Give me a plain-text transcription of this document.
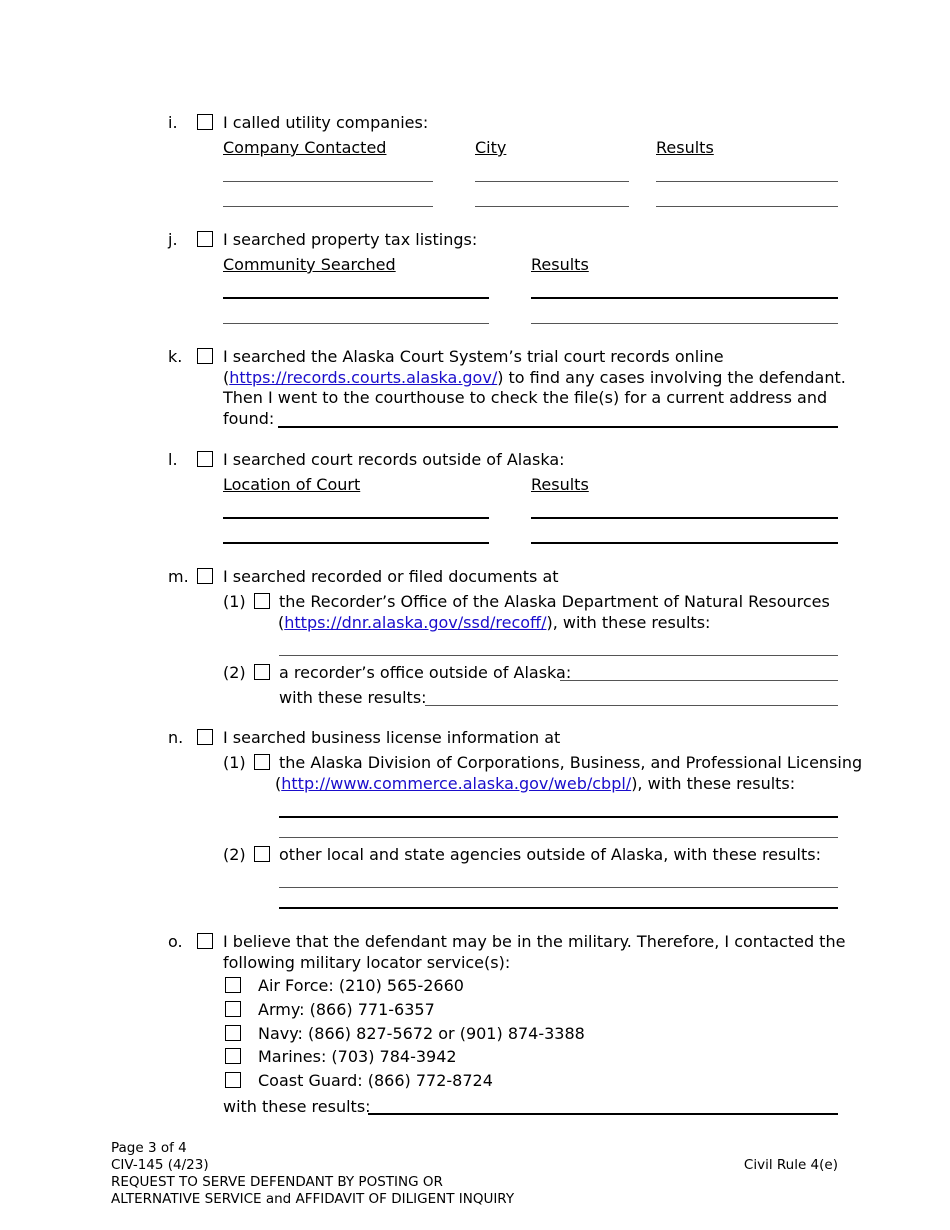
i.	I called utility companies:
Company Contacted	City	Results
j.	I searched property tax listings:
Community Searched	Results
k.	I searched the Alaska Court System’s trial court records online
(https://records.courts.alaska.gov/) to find any cases involving the defendant.
Then I went to the courthouse to check the file(s) for a current address and
found:
l.	I searched court records outside of Alaska:
Location of Court	Results
m. I searched recorded or filed documents at
(1) the Recorder’s Office of the Alaska Department of Natural Resources
(https://dnr.alaska.gov/ssd/recoff/), with these results:
(2) a recorder’s office outside of Alaska:
with these results:
n. I searched business license information at
(1) the Alaska Division of Corporations, Business, and Professional Licensing
(http://www.commerce.alaska.gov/web/cbpl/), with these results:
(2) other local and state agencies outside of Alaska, with these results:
o.	I believe that the defendant may be in the military. Therefore, I contacted the
following military locator service(s):
Air Force: (210) 565-2660
Army: (866) 771-6357
Navy: (866) 827-5672 or (901) 874-3388
Marines: (703) 784-3942
Coast Guard: (866) 772-8724
with these results:
Page 3 of 4
CIV-145 (4/23)
REQUEST TO SERVE DEFENDANT BY POSTING OR
ALTERNATIVE SERVICE and AFFIDAVIT OF DILIGENT INQUIRY
Civil Rule 4(e)
